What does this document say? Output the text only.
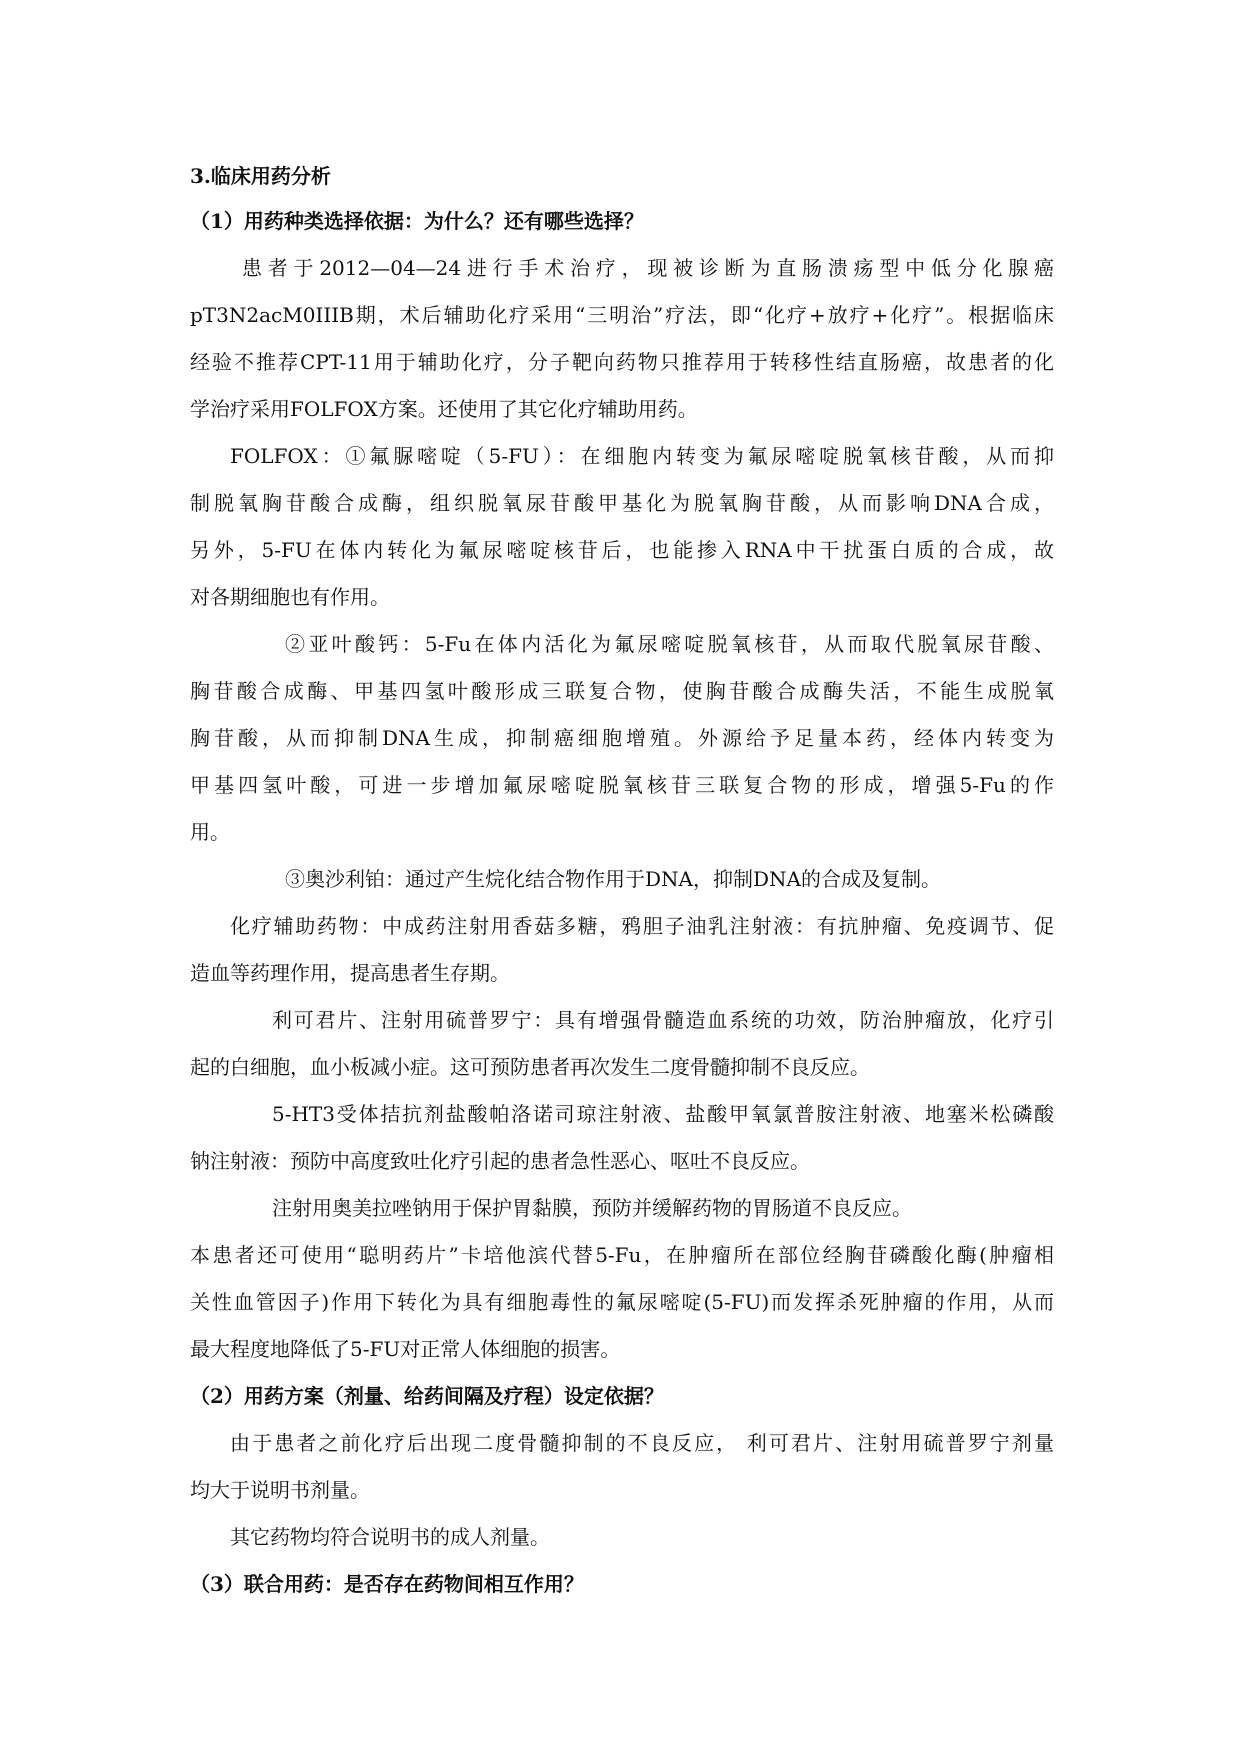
3.临床用药分析
（1）用药种类选择依据：为什么？还有哪些选择？
患者于2012—04—24进行手术治疗，现被诊断为直肠溃疡型中低分化腺癌
pT3N2acM0IIIB期，术后辅助化疗采用“三明治”疗法，即“化疗+放疗+化疗”。根据临床
经验不推荐CPT-11用于辅助化疗，分子靶向药物只推荐用于转移性结直肠癌，故患者的化
学治疗采用FOLFOX方案。还使用了其它化疗辅助用药。
FOLFOX：①氟脲嘧啶（5-FU）：在细胞内转变为氟尿嘧啶脱氧核苷酸，从而抑
制脱氧胸苷酸合成酶，组织脱氧尿苷酸甲基化为脱氧胸苷酸，从而影响DNA合成，
另外，5-FU在体内转化为氟尿嘧啶核苷后，也能掺入RNA中干扰蛋白质的合成，故
对各期细胞也有作用。
②亚叶酸钙：5-Fu在体内活化为氟尿嘧啶脱氧核苷，从而取代脱氧尿苷酸、
胸苷酸合成酶、甲基四氢叶酸形成三联复合物，使胸苷酸合成酶失活，不能生成脱氧
胸苷酸，从而抑制DNA生成，抑制癌细胞增殖。外源给予足量本药，经体内转变为
甲基四氢叶酸，可进一步增加氟尿嘧啶脱氧核苷三联复合物的形成，增强5-Fu的作
用。
③奥沙利铂：通过产生烷化结合物作用于DNA，抑制DNA的合成及复制。
化疗辅助药物：中成药注射用香菇多糖，鸦胆子油乳注射液：有抗肿瘤、免疫调节、促
造血等药理作用，提高患者生存期。
利可君片、注射用硫普罗宁：具有增强骨髓造血系统的功效，防治肿瘤放，化疗引
起的白细胞，血小板减小症。这可预防患者再次发生二度骨髓抑制不良反应。
5-HT3受体拮抗剂盐酸帕洛诺司琼注射液、盐酸甲氧氯普胺注射液、地塞米松磷酸
钠注射液：预防中高度致吐化疗引起的患者急性恶心、呕吐不良反应。
注射用奥美拉唑钠用于保护胃黏膜，预防并缓解药物的胃肠道不良反应。
本患者还可使用“聪明药片”卡培他滨代替5-Fu，在肿瘤所在部位经胸苷磷酸化酶(肿瘤相
关性血管因子)作用下转化为具有细胞毒性的氟尿嘧啶(5-FU)而发挥杀死肿瘤的作用，从而
最大程度地降低了5-FU对正常人体细胞的损害。
（2）用药方案（剂量、给药间隔及疗程）设定依据？
由于患者之前化疗后出现二度骨髓抑制的不良反应， 利可君片、注射用硫普罗宁剂量
均大于说明书剂量。
其它药物均符合说明书的成人剂量。
（3）联合用药：是否存在药物间相互作用？
